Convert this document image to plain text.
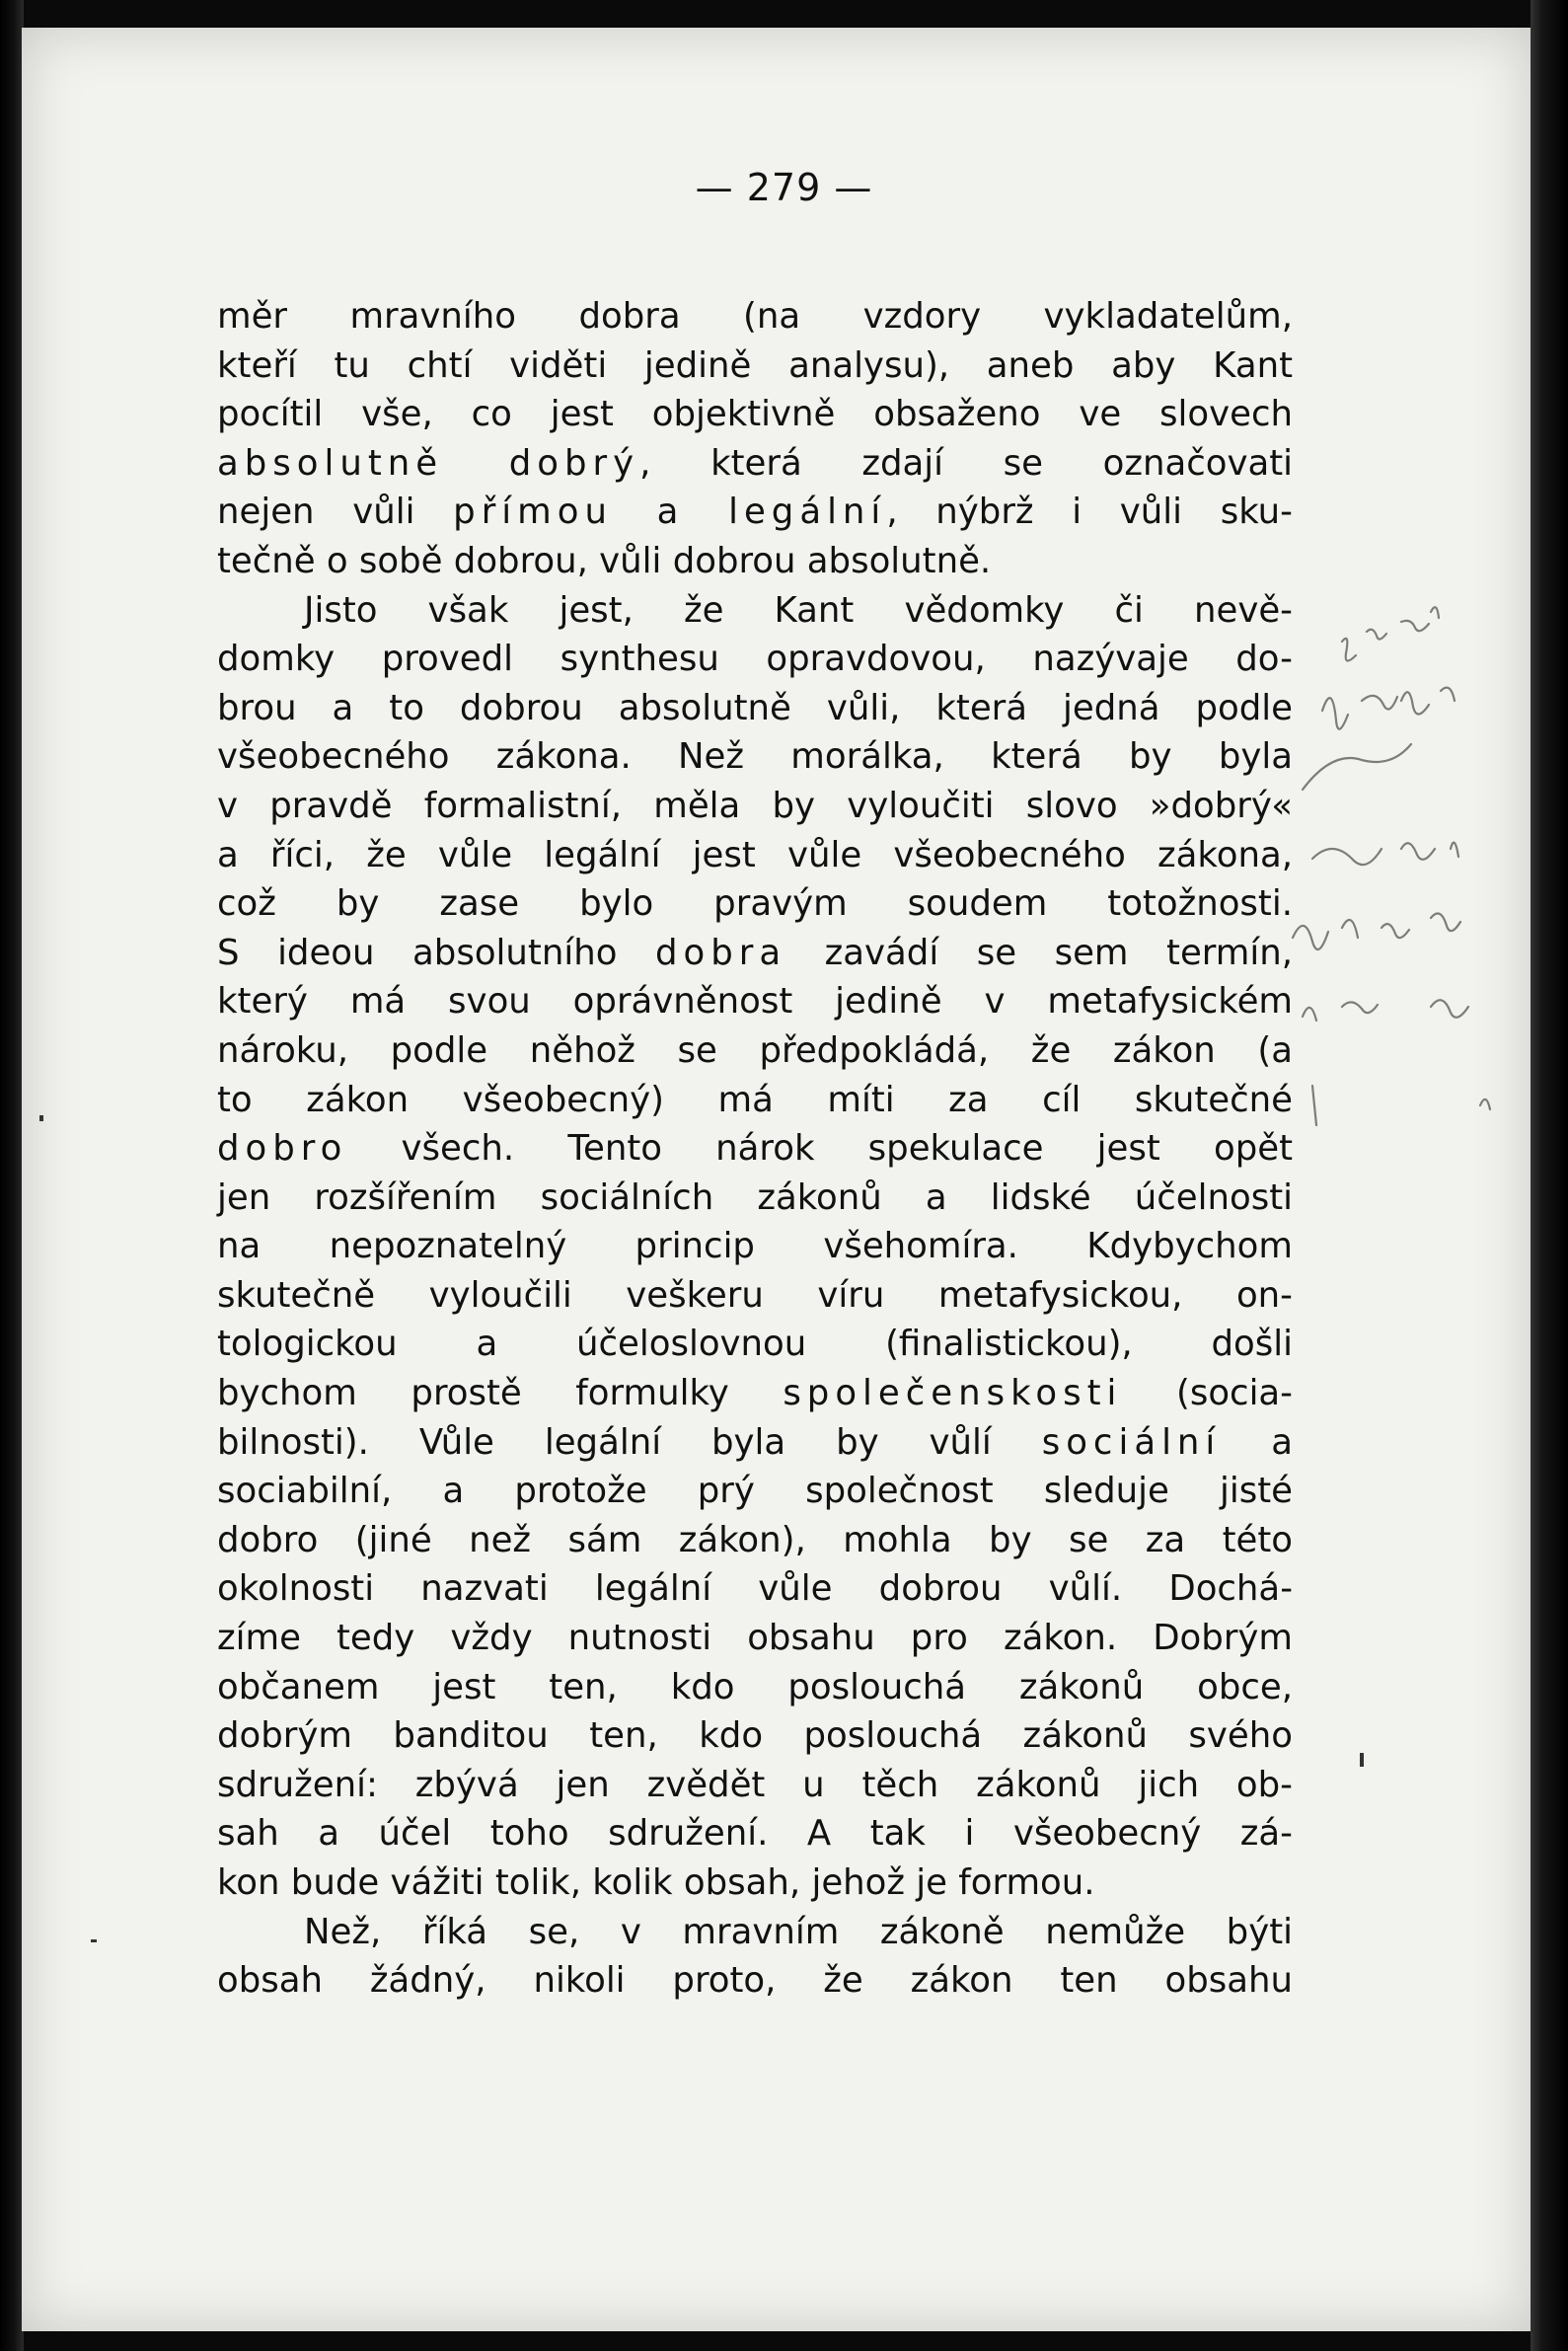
— 279 —
měr mravního dobra (na vzdory vykladatelům,
kteří tu chtí viděti jedině analysu), aneb aby Kant
pocítil vše, co jest objektivně obsaženo ve slovech
absolutně dobrý, která zdají se označovati
nejen vůli přímou a legální, nýbrž i vůli sku-
tečně o sobě dobrou, vůli dobrou absolutně.
Jisto však jest, že Kant vědomky či nevě-
domky provedl synthesu opravdovou, nazývaje do-
brou a to dobrou absolutně vůli, která jedná podle
všeobecného zákona. Než morálka, která by byla
v pravdě formalistní, měla by vyloučiti slovo »dobrý«
a říci, že vůle legální jest vůle všeobecného zákona,
což by zase bylo pravým soudem totožnosti.
S ideou absolutního dobra zavádí se sem termín,
který má svou oprávněnost jedině v metafysickém
nároku, podle něhož se předpokládá, že zákon (a
to zákon všeobecný) má míti za cíl skutečné
dobro všech. Tento nárok spekulace jest opět
jen rozšířením sociálních zákonů a lidské účelnosti
na nepoznatelný princip všehomíra. Kdybychom
skutečně vyloučili veškeru víru metafysickou, on-
tologickou a účeloslovnou (finalistickou), došli
bychom prostě formulky společenskosti (socia-
bilnosti). Vůle legální byla by vůlí sociální a
sociabilní, a protože prý společnost sleduje jisté
dobro (jiné než sám zákon), mohla by se za této
okolnosti nazvati legální vůle dobrou vůlí. Dochá-
zíme tedy vždy nutnosti obsahu pro zákon. Dobrým
občanem jest ten, kdo poslouchá zákonů obce,
dobrým banditou ten, kdo poslouchá zákonů svého
sdružení: zbývá jen zvědět u těch zákonů jich ob-
sah a účel toho sdružení. A tak i všeobecný zá-
kon bude vážiti tolik, kolik obsah, jehož je formou.
Než, říká se, v mravním zákoně nemůže býti
obsah žádný, nikoli proto, že zákon ten obsahu
